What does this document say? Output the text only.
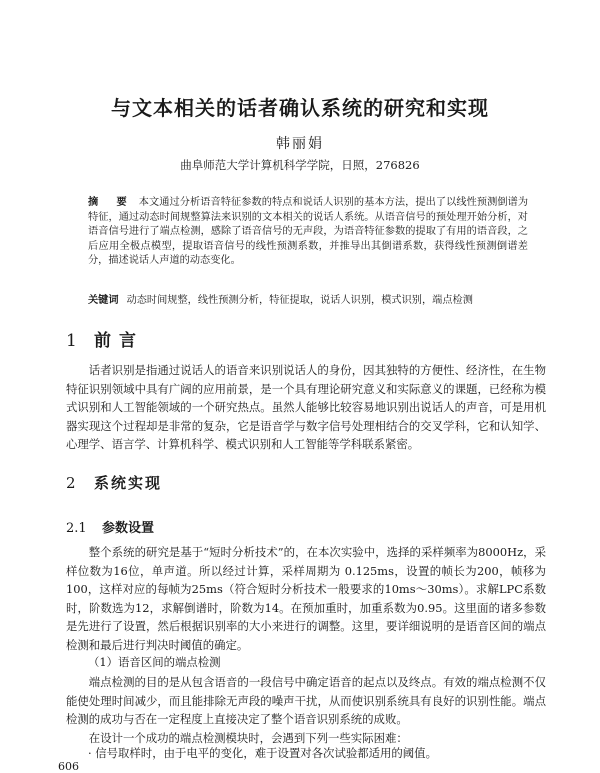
与文本相关的话者确认系统的研究和实现
韩丽娟
曲阜师范大学计算机科学学院，日照，276826
摘　要 本文通过分析语音特征参数的特点和说话人识别的基本方法，提出了以线性预测倒谱为特征，通过动态时间规整算法来识别的文本相关的说话人系统。从语音信号的预处理开始分析，对语音信号进行了端点检测，感除了语音信号的无声段，为语音特征参数的提取了有用的语音段，之后应用全极点模型，提取语音信号的线性预测系数，并推导出其倒谱系数，获得线性预测倒谱差分，描述说话人声道的动态变化。
关键词 动态时间规整，线性预测分析，特征提取，说话人识别，模式识别，端点检测
1 前言
话者识别是指通过说话人的语音来识别说话人的身份，因其独特的方便性、经济性，在生物特征识别领域中具有广阔的应用前景，是一个具有理论研究意义和实际意义的课题，已经称为模式识别和人工智能领域的一个研究热点。虽然人能够比较容易地识别出说话人的声音，可是用机器实现这个过程却是非常的复杂，它是语音学与数字信号处理相结合的交叉学科，它和认知学、心理学、语言学、计算机科学、模式识别和人工智能等学科联系紧密。
2 系统实现
2.1 参数设置
整个系统的研究是基于“短时分析技术”的，在本次实验中，选择的采样频率为8000Hz，采样位数为16位，单声道。所以经过计算，采样周期为 0.125ms，设置的帧长为200，帧移为100，这样对应的每帧为25ms（符合短时分析技术一般要求的10ms～30ms）。求解LPC系数时，阶数选为12，求解倒谱时，阶数为14。在预加重时，加重系数为0.95。这里面的诸多参数是先进行了设置，然后根据识别率的大小来进行的调整。这里，要详细说明的是语音区间的端点检测和最后进行判决时阈值的确定。
（1）语音区间的端点检测
端点检测的目的是从包含语音的一段信号中确定语音的起点以及终点。有效的端点检测不仅能使处理时间减少，而且能排除无声段的噪声干扰，从而使识别系统具有良好的识别性能。端点检测的成功与否在一定程度上直接决定了整个语音识别系统的成败。
在设计一个成功的端点检测模块时，会遇到下列一些实际困难：
· 信号取样时，由于电平的变化，难于设置对各次试验都适用的阈值。
606
